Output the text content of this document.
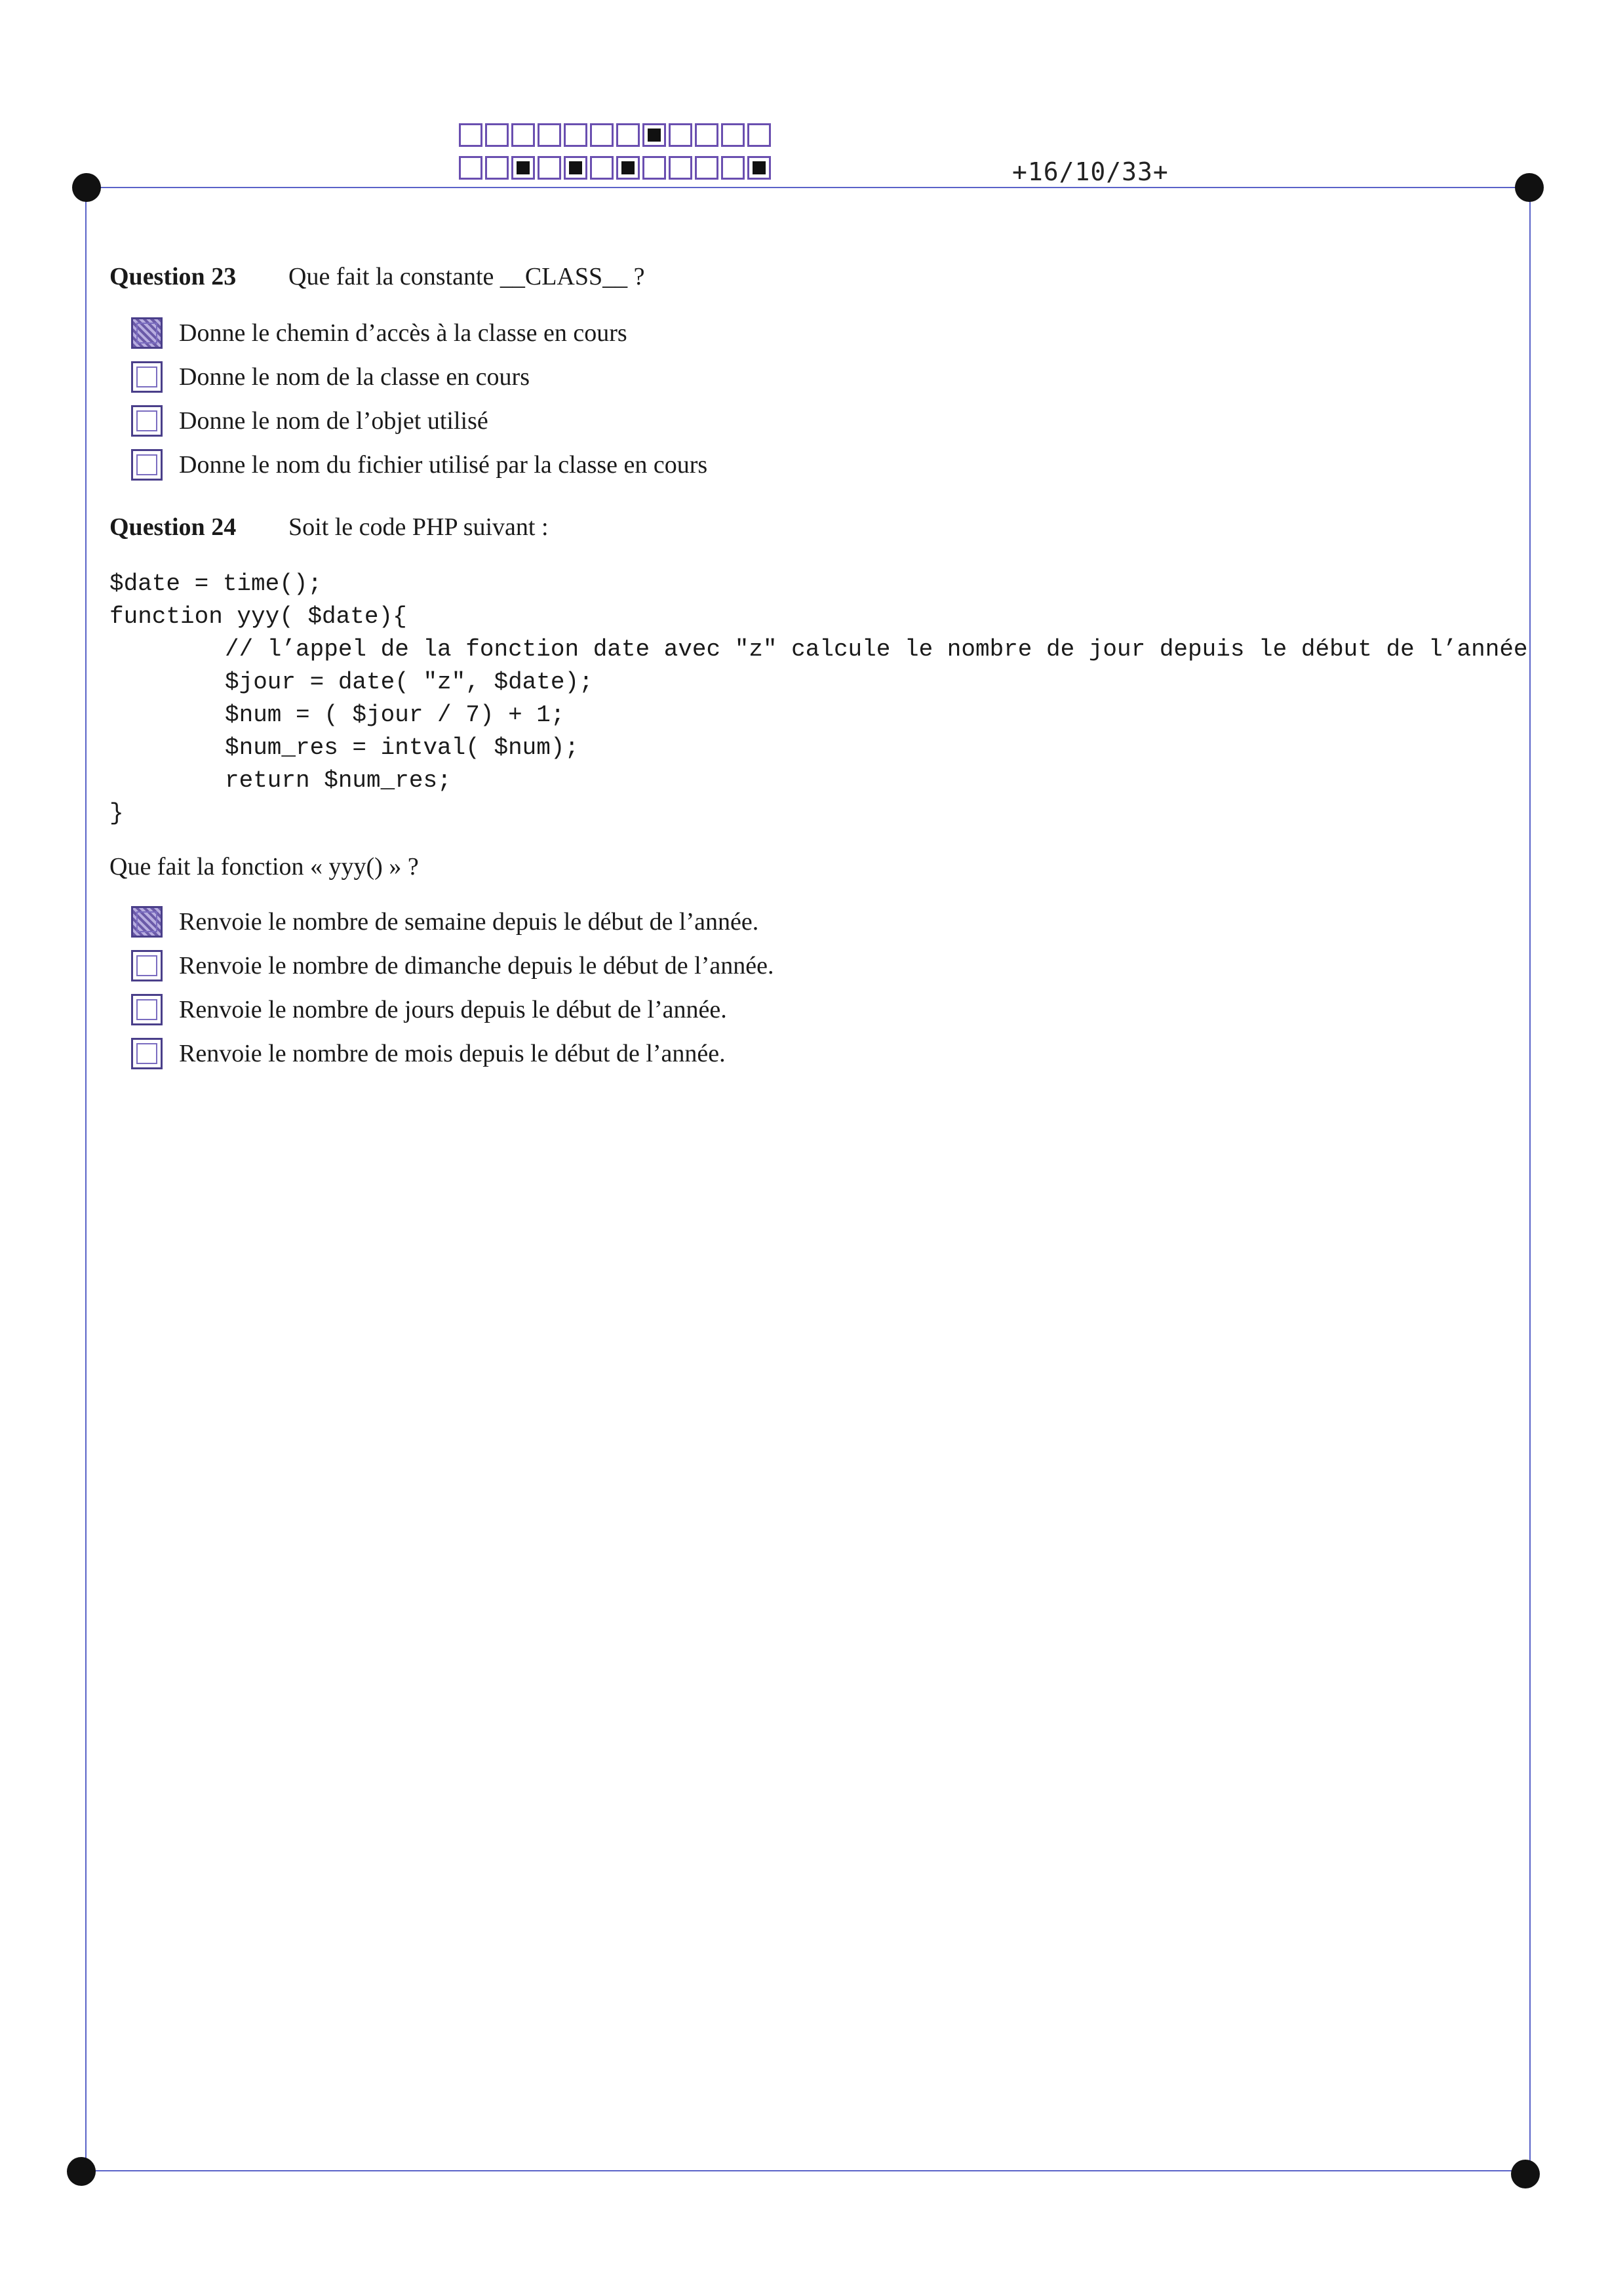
+16/10/33+
Question 23 Que fait la constante __CLASS__ ?
Donne le chemin d’accès à la classe en cours
Donne le nom de la classe en cours
Donne le nom de l’objet utilisé
Donne le nom du fichier utilisé par la classe en cours
Question 24 Soit le code PHP suivant :
$date = time();
function yyy( $date){
// l’appel de la fonction date avec "z" calcule le nombre de jour depuis le début de l’année
$jour = date( "z", $date);
$num = ( $jour / 7) + 1;
$num_res = intval( $num);
return $num_res;
}
Que fait la fonction « yyy() » ?
Renvoie le nombre de semaine depuis le début de l’année.
Renvoie le nombre de dimanche depuis le début de l’année.
Renvoie le nombre de jours depuis le début de l’année.
Renvoie le nombre de mois depuis le début de l’année.
